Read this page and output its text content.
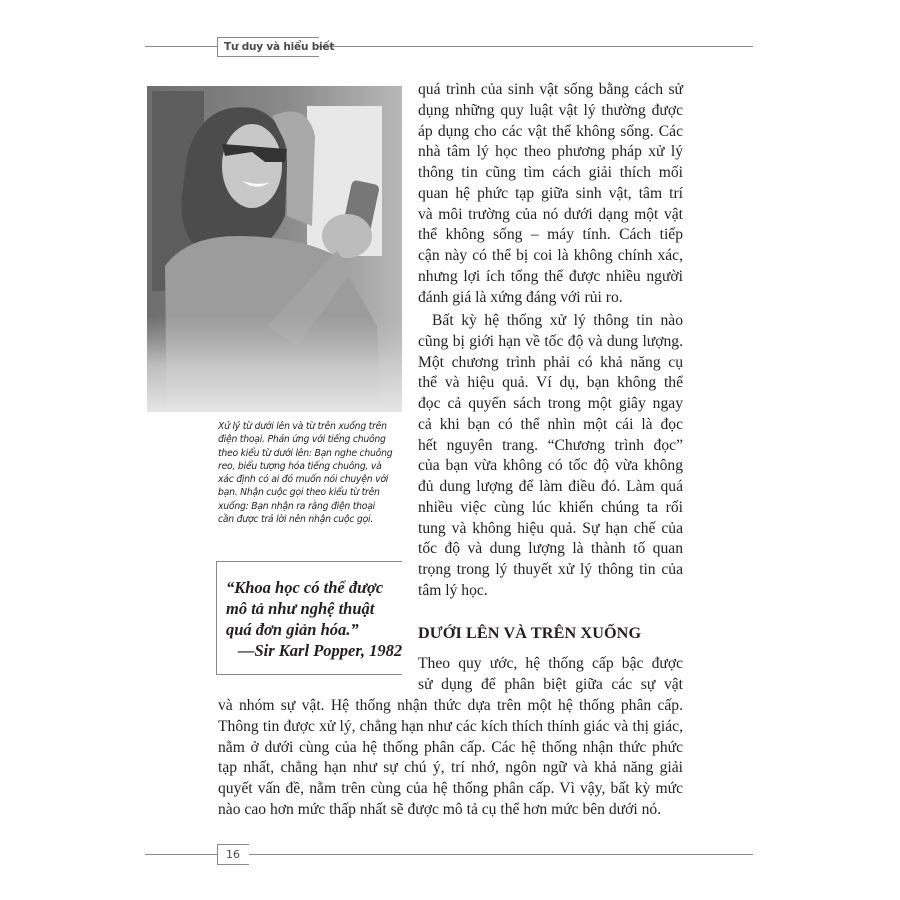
Tư duy và hiểu biết
Xử lý từ dưới lên và từ trên xuống trên
điện thoại. Phản ứng với tiếng chuông
theo kiểu từ dưới lên: Bạn nghe chuông
reo, biểu tượng hóa tiếng chuông, và
xác định có ai đó muốn nói chuyện với
bạn. Nhận cuộc gọi theo kiểu từ trên
xuống: Bạn nhận ra rằng điện thoại
cần được trả lời nên nhận cuộc gọi.
“Khoa học có thể được
mô tả như nghệ thuật
quá đơn giản hóa.”
—Sir Karl Popper, 1982
quá trình của sinh vật sống bằng cách sử
dụng những quy luật vật lý thường được
áp dụng cho các vật thể không sống. Các
nhà tâm lý học theo phương pháp xử lý
thông tin cũng tìm cách giải thích mối
quan hệ phức tạp giữa sinh vật, tâm trí
và môi trường của nó dưới dạng một vật
thể không sống – máy tính. Cách tiếp
cận này có thể bị coi là không chính xác,
nhưng lợi ích tổng thể được nhiều người
đánh giá là xứng đáng với rủi ro.
Bất kỳ hệ thống xử lý thông tin nào
cũng bị giới hạn về tốc độ và dung lượng.
Một chương trình phải có khả năng cụ
thể và hiệu quả. Ví dụ, bạn không thể
đọc cả quyển sách trong một giây ngay
cả khi bạn có thể nhìn một cái là đọc
hết nguyên trang. “Chương trình đọc”
của bạn vừa không có tốc độ vừa không
đủ dung lượng để làm điều đó. Làm quá
nhiều việc cùng lúc khiến chúng ta rối
tung và không hiệu quả. Sự hạn chế của
tốc độ và dung lượng là thành tố quan
trọng trong lý thuyết xử lý thông tin của
tâm lý học.
DƯỚI LÊN VÀ TRÊN XUỐNG
Theo quy ước, hệ thống cấp bậc được
sử dụng để phân biệt giữa các sự vật
và nhóm sự vật. Hệ thống nhận thức dựa trên một hệ thống phân cấp.
Thông tin được xử lý, chẳng hạn như các kích thích thính giác và thị giác,
nằm ở dưới cùng của hệ thống phân cấp. Các hệ thống nhận thức phức
tạp nhất, chẳng hạn như sự chú ý, trí nhớ, ngôn ngữ và khả năng giải
quyết vấn đề, nằm trên cùng của hệ thống phân cấp. Vì vậy, bất kỳ mức
nào cao hơn mức thấp nhất sẽ được mô tả cụ thể hơn mức bên dưới nó.
16
